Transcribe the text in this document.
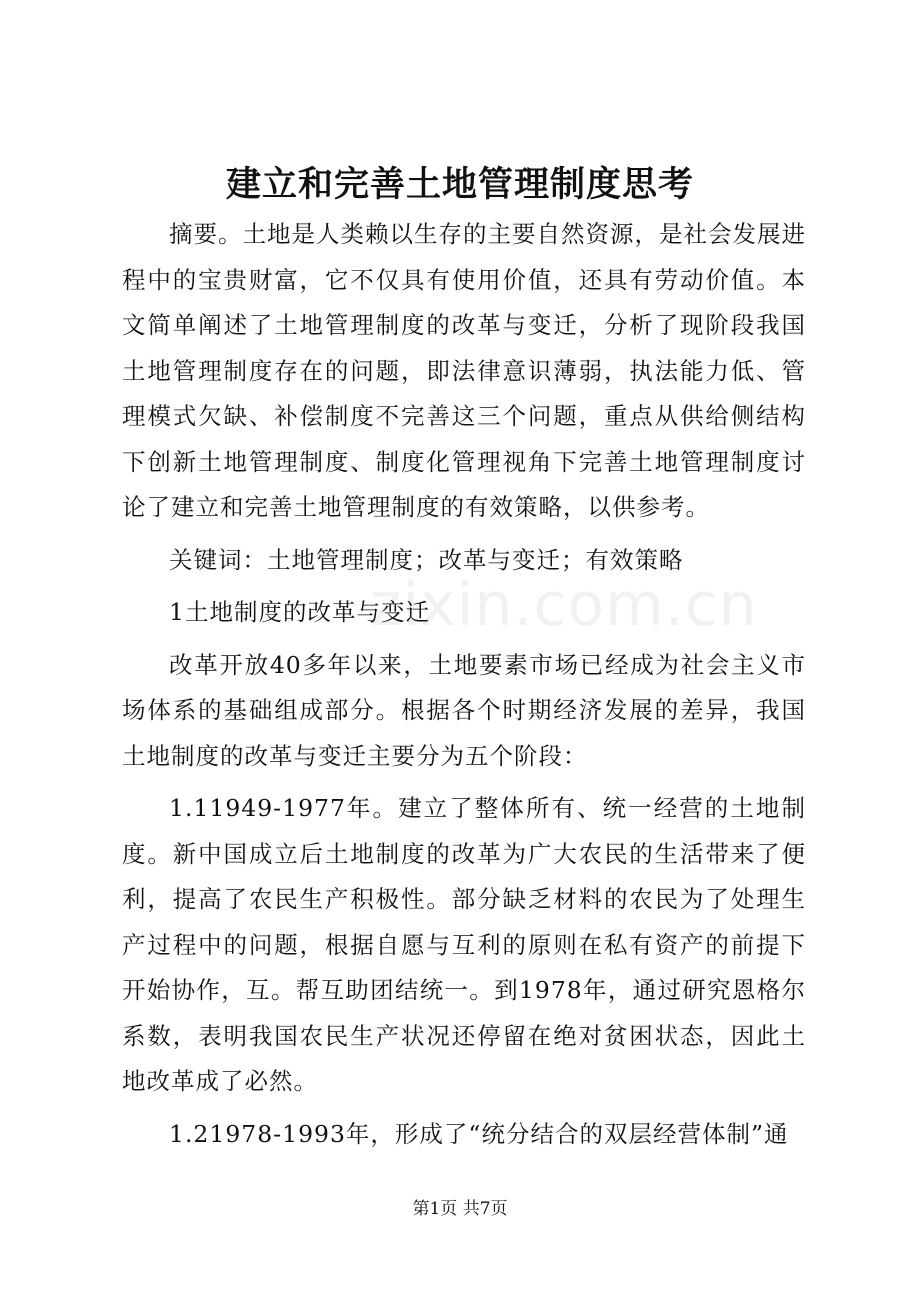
建立和完善土地管理制度思考
zixin.com.cn

摘要。土地是人类赖以生存的主要自然资源，是社会发展进程中的宝贵财富，它不仅具有使用价值，还具有劳动价值。本文简单阐述了土地管理制度的改革与变迁，分析了现阶段我国土地管理制度存在的问题，即法律意识薄弱，执法能力低、管理模式欠缺、补偿制度不完善这三个问题，重点从供给侧结构下创新土地管理制度、制度化管理视角下完善土地管理制度讨论了建立和完善土地管理制度的有效策略，以供参考。

关键词：土地管理制度；改革与变迁；有效策略

1土地制度的改革与变迁

改革开放40多年以来，土地要素市场已经成为社会主义市场体系的基础组成部分。根据各个时期经济发展的差异，我国土地制度的改革与变迁主要分为五个阶段：

1.11949-1977年。建立了整体所有、统一经营的土地制度。新中国成立后土地制度的改革为广大农民的生活带来了便利，提高了农民生产积极性。部分缺乏材料的农民为了处理生产过程中的问题，根据自愿与互利的原则在私有资产的前提下开始协作，互。帮互助团结统一。到1978年，通过研究恩格尔系数，表明我国农民生产状况还停留在绝对贫困状态，因此土地改革成了必然。

1.21978-1993年，形成了“统分结合的双层经营体制”通

第1页 共7页
